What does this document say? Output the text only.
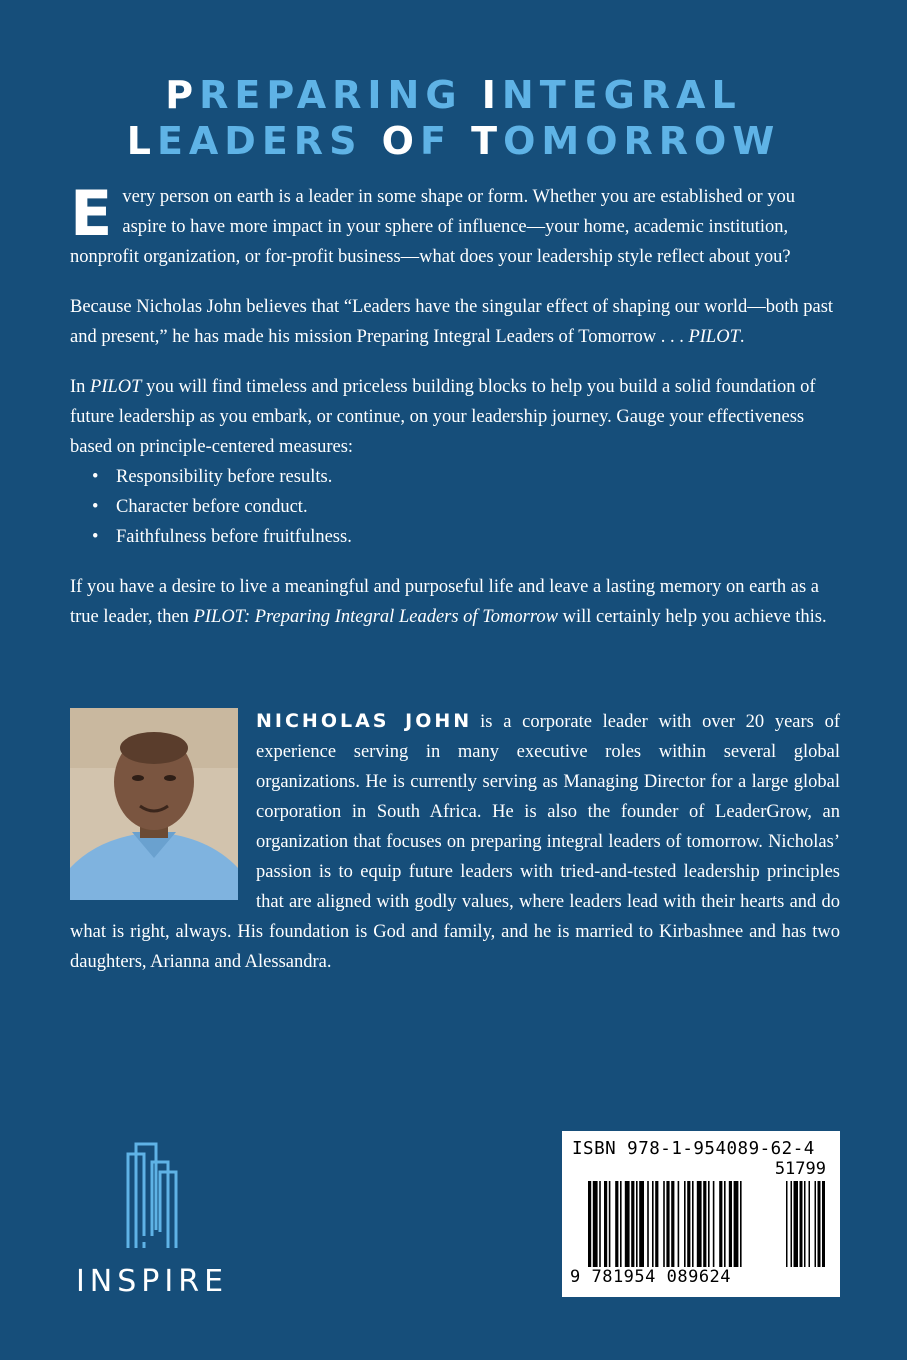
PREPARING INTEGRAL
LEADERS OF TOMORROW

Every person on earth is a leader in some shape or form. Whether you are established or you aspire to have more impact in your sphere of influence—your home, academic institution, nonprofit organization, or for-profit business—what does your leadership style reflect about you?

Because Nicholas John believes that “Leaders have the singular effect of shaping our world—both past and present,” he has made his mission Preparing Integral Leaders of Tomorrow . . . PILOT.

In PILOT you will find timeless and priceless building blocks to help you build a solid foundation of future leadership as you embark, or continue, on your leadership journey. Gauge your effectiveness based on principle-centered measures:

• Responsibility before results.
• Character before conduct.
• Faithfulness before fruitfulness.

If you have a desire to live a meaningful and purposeful life and leave a lasting memory on earth as a true leader, then PILOT: Preparing Integral Leaders of Tomorrow will certainly help you achieve this.

NICHOLAS JOHN is a corporate leader with over 20 years of experience serving in many executive roles within several global organizations. He is currently serving as Managing Director for a large global corporation in South Africa. He is also the founder of LeaderGrow, an organization that focuses on preparing integral leaders of tomorrow. Nicholas’ passion is to equip future leaders with tried-and-tested leadership principles that are aligned with godly values, where leaders lead with their hearts and do what is right, always. His foundation is God and family, and he is married to Kirbashnee and has two daughters, Arianna and Alessandra.
INSPIRE
ISBN 978-1-954089-62-4
51799
9 781954 089624
